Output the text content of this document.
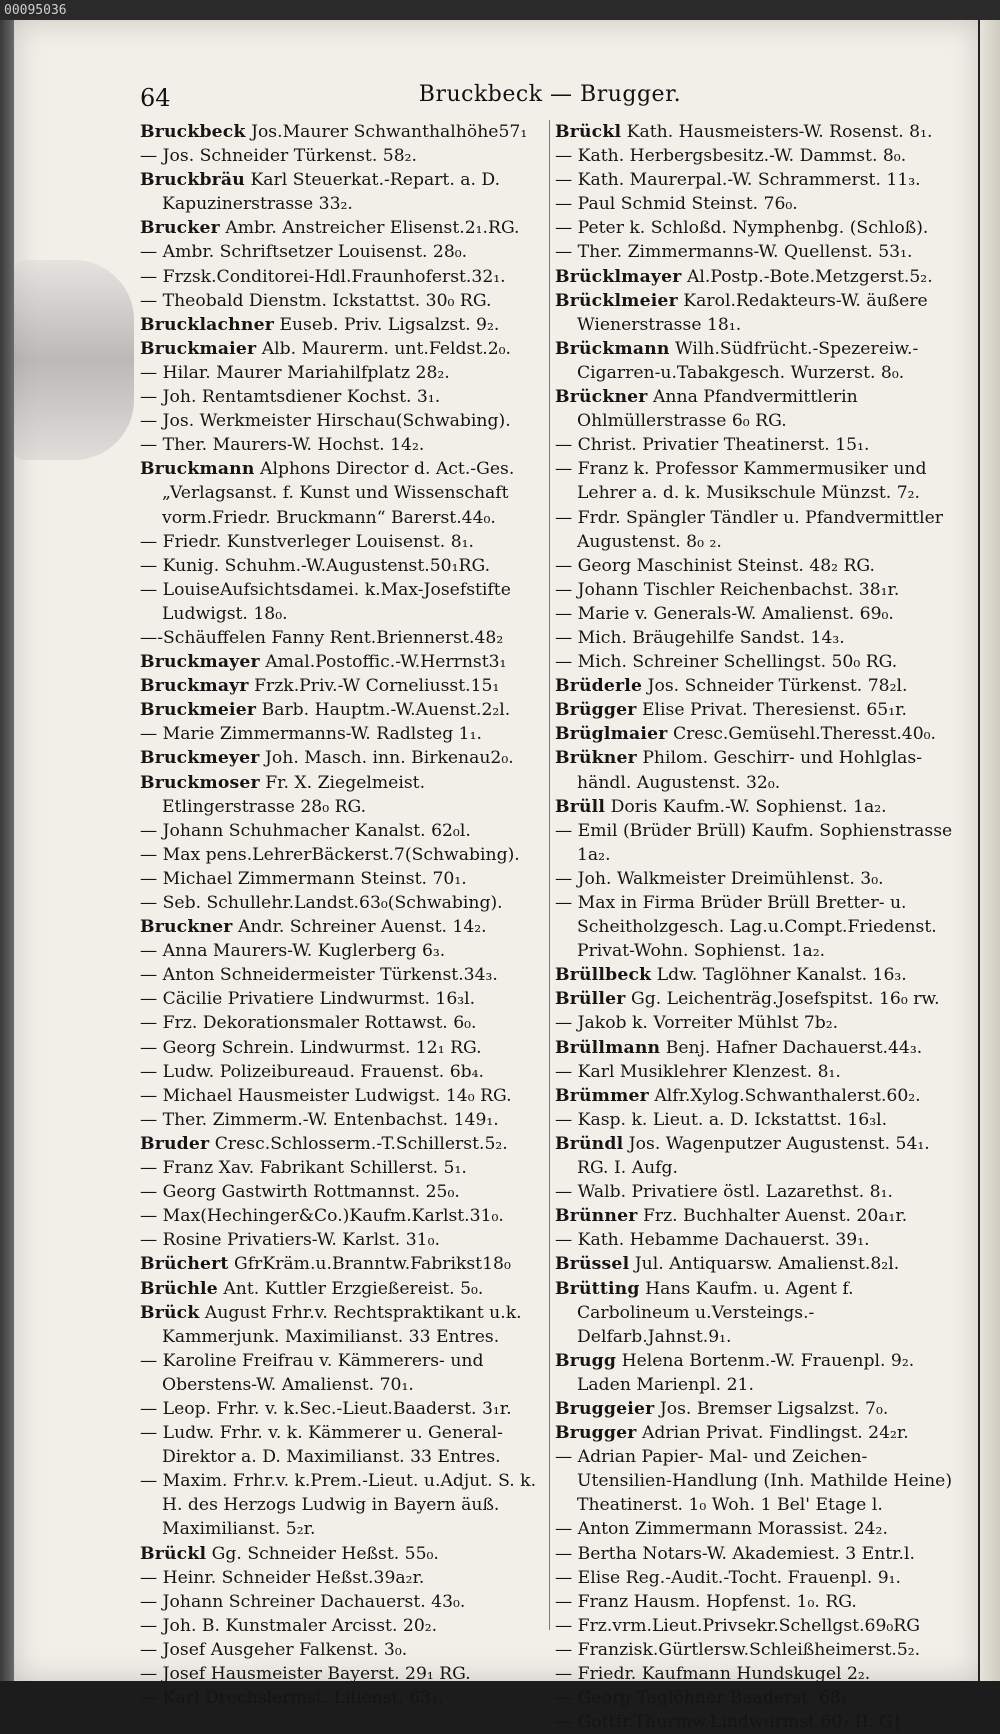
00095036
64	Bruckbeck — Brugger.

Bruckbeck Jos.Maurer Schwanthalhöhe57₁

— Jos. Schneider Türkenst. 58₂.

Bruckbräu Karl Steuerkat.-Repart. a. D. Kapuzinerstrasse 33₂.

Brucker Ambr. Anstreicher Elisenst.2₁.RG.

— Ambr. Schriftsetzer Louisenst. 28₀.

— Frzsk.Conditorei-Hdl.Fraunhoferst.32₁.

— Theobald Dienstm. Ickstattst. 30₀ RG.

Brucklachner Euseb. Priv. Ligsalzst. 9₂.

Bruckmaier Alb. Maurerm. unt.Feldst.2₀.

— Hilar. Maurer Mariahilfplatz 28₂.

— Joh. Rentamtsdiener Kochst. 3₁.

— Jos. Werkmeister Hirschau(Schwabing).

— Ther. Maurers-W. Hochst. 14₂.

Bruckmann Alphons Director d. Act.-Ges. „Verlagsanst. f. Kunst und Wissenschaft vorm.Friedr. Bruckmann“ Barerst.44₀.

— Friedr. Kunstverleger Louisenst. 8₁.

— Kunig. Schuhm.-W.Augustenst.50₁RG.

— LouiseAufsichtsdamei. k.Max-Josefstifte Ludwigst. 18₀.

—-Schäuffelen Fanny Rent.Briennerst.48₂

Bruckmayer Amal.Postoffic.-W.Herrnst3₁

Bruckmayr Frzk.Priv.-W Corneliusst.15₁

Bruckmeier Barb. Hauptm.-W.Auenst.2₂l.

— Marie Zimmermanns-W. Radlsteg 1₁.

Bruckmeyer Joh. Masch. inn. Birkenau2₀.

Bruckmoser Fr. X. Ziegelmeist. Etlingerstrasse 28₀ RG.

— Johann Schuhmacher Kanalst. 62₀l.

— Max pens.LehrerBäckerst.7(Schwabing).

— Michael Zimmermann Steinst. 70₁.

— Seb. Schullehr.Landst.63₀(Schwabing).

Bruckner Andr. Schreiner Auenst. 14₂.

— Anna Maurers-W. Kuglerberg 6₃.

— Anton Schneidermeister Türkenst.34₃.

— Cäcilie Privatiere Lindwurmst. 16₃l.

— Frz. Dekorationsmaler Rottawst. 6₀.

— Georg Schrein. Lindwurmst. 12₁ RG.

— Ludw. Polizeibureaud. Frauenst. 6b₄.

— Michael Hausmeister Ludwigst. 14₀ RG.

— Ther. Zimmerm.-W. Entenbachst. 149₁.

Bruder Cresc.Schlosserm.-T.Schillerst.5₂.

— Franz Xav. Fabrikant Schillerst. 5₁.

— Georg Gastwirth Rottmannst. 25₀.

— Max(Hechinger&Co.)Kaufm.Karlst.31₀.

— Rosine Privatiers-W. Karlst. 31₀.

Brüchert GfrKräm.u.Branntw.Fabrikst18₀

Brüchle Ant. Kuttler Erzgießereist. 5₀.

Brück August Frhr.v. Rechtspraktikant u.k. Kammerjunk. Maximilianst. 33 Entres.

— Karoline Freifrau v. Kämmerers- und Oberstens-W. Amalienst. 70₁.

— Leop. Frhr. v. k.Sec.-Lieut.Baaderst. 3₁r.

— Ludw. Frhr. v. k. Kämmerer u. General-Direktor a. D. Maximilianst. 33 Entres.

— Maxim. Frhr.v. k.Prem.-Lieut. u.Adjut. S. k. H. des Herzogs Ludwig in Bayern äuß. Maximilianst. 5₂r.

Brückl Gg. Schneider Heßst. 55₀.

— Heinr. Schneider Heßst.39a₂r.

— Johann Schreiner Dachauerst. 43₀.

— Joh. B. Kunstmaler Arcisst. 20₂.

— Josef Ausgeher Falkenst. 3₀.

— Josef Hausmeister Bayerst. 29₁ RG.

— Karl Drechslermst. Lilienst. 63₁.

Brückl Kath. Hausmeisters-W. Rosenst. 8₁.

— Kath. Herbergsbesitz.-W. Dammst. 8₀.

— Kath. Maurerpal.-W. Schrammerst. 11₃.

— Paul Schmid Steinst. 76₀.

— Peter k. Schloßd. Nymphenbg. (Schloß).

— Ther. Zimmermanns-W. Quellenst. 53₁.

Brücklmayer Al.Postp.-Bote.Metzgerst.5₂.

Brücklmeier Karol.Redakteurs-W. äußere Wienerstrasse 18₁.

Brückmann Wilh.Südfrücht.-Spezereiw.-Cigarren-u.Tabakgesch. Wurzerst. 8₀.

Brückner Anna Pfandvermittlerin Ohlmüllerstrasse 6₀ RG.

— Christ. Privatier Theatinerst. 15₁.

— Franz k. Professor Kammermusiker und Lehrer a. d. k. Musikschule Münzst. 7₂.

— Frdr. Spängler Tändler u. Pfandvermittler Augustenst. 8₀ ₂.

— Georg Maschinist Steinst. 48₂ RG.

— Johann Tischler Reichenbachst. 38₁r.

— Marie v. Generals-W. Amalienst. 69₀.

— Mich. Bräugehilfe Sandst. 14₃.

— Mich. Schreiner Schellingst. 50₀ RG.

Brüderle Jos. Schneider Türkenst. 78₂l.

Brügger Elise Privat. Theresienst. 65₁r.

Brüglmaier Cresc.Gemüsehl.Theresst.40₀.

Brükner Philom. Geschirr- und Hohlglas-händl. Augustenst. 32₀.

Brüll Doris Kaufm.-W. Sophienst. 1a₂.

— Emil (Brüder Brüll) Kaufm. Sophienstrasse 1a₂.

— Joh. Walkmeister Dreimühlenst. 3₀.

— Max in Firma Brüder Brüll Bretter- u. Scheitholzgesch. Lag.u.Compt.Friedenst. Privat-Wohn. Sophienst. 1a₂.

Brüllbeck Ldw. Taglöhner Kanalst. 16₃.

Brüller Gg. Leichenträg.Josefspitst. 16₀ rw.

— Jakob k. Vorreiter Mühlst 7b₂.

Brüllmann Benj. Hafner Dachauerst.44₃.

— Karl Musiklehrer Klenzest. 8₁.

Brümmer Alfr.Xylog.Schwanthalerst.60₂.

— Kasp. k. Lieut. a. D. Ickstattst. 16₃l.

Bründl Jos. Wagenputzer Augustenst. 54₁. RG. I. Aufg.

— Walb. Privatiere östl. Lazarethst. 8₁.

Brünner Frz. Buchhalter Auenst. 20a₁r.

— Kath. Hebamme Dachauerst. 39₁.

Brüssel Jul. Antiquarsw. Amalienst.8₂l.

Brütting Hans Kaufm. u. Agent f. Carbolineum u.Versteings.-Delfarb.Jahnst.9₁.

Brugg Helena Bortenm.-W. Frauenpl. 9₂. Laden Marienpl. 21.

Bruggeier Jos. Bremser Ligsalzst. 7₀.

Brugger Adrian Privat. Findlingst. 24₂r.

— Adrian Papier- Mal- und Zeichen-Utensilien-Handlung (Inh. Mathilde Heine) Theatinerst. 1₀ Woh. 1 Bel' Etage l.

— Anton Zimmermann Morassist. 24₂.

— Bertha Notars-W. Akademiest. 3 Entr.l.

— Elise Reg.-Audit.-Tocht. Frauenpl. 9₁.

— Franz Hausm. Hopfenst. 1₀. RG.

— Frz.vrm.Lieut.Privsekr.Schellgst.69₀RG

— Franzisk.Gürtlersw.Schleißheimerst.5₂.

— Friedr. Kaufmann Hundskugel 2₂.

— Georg Taglöhner Baaderst. 68₁.

— Gottfr.Thurmw.Lindwurmst.60₂ II. G]
